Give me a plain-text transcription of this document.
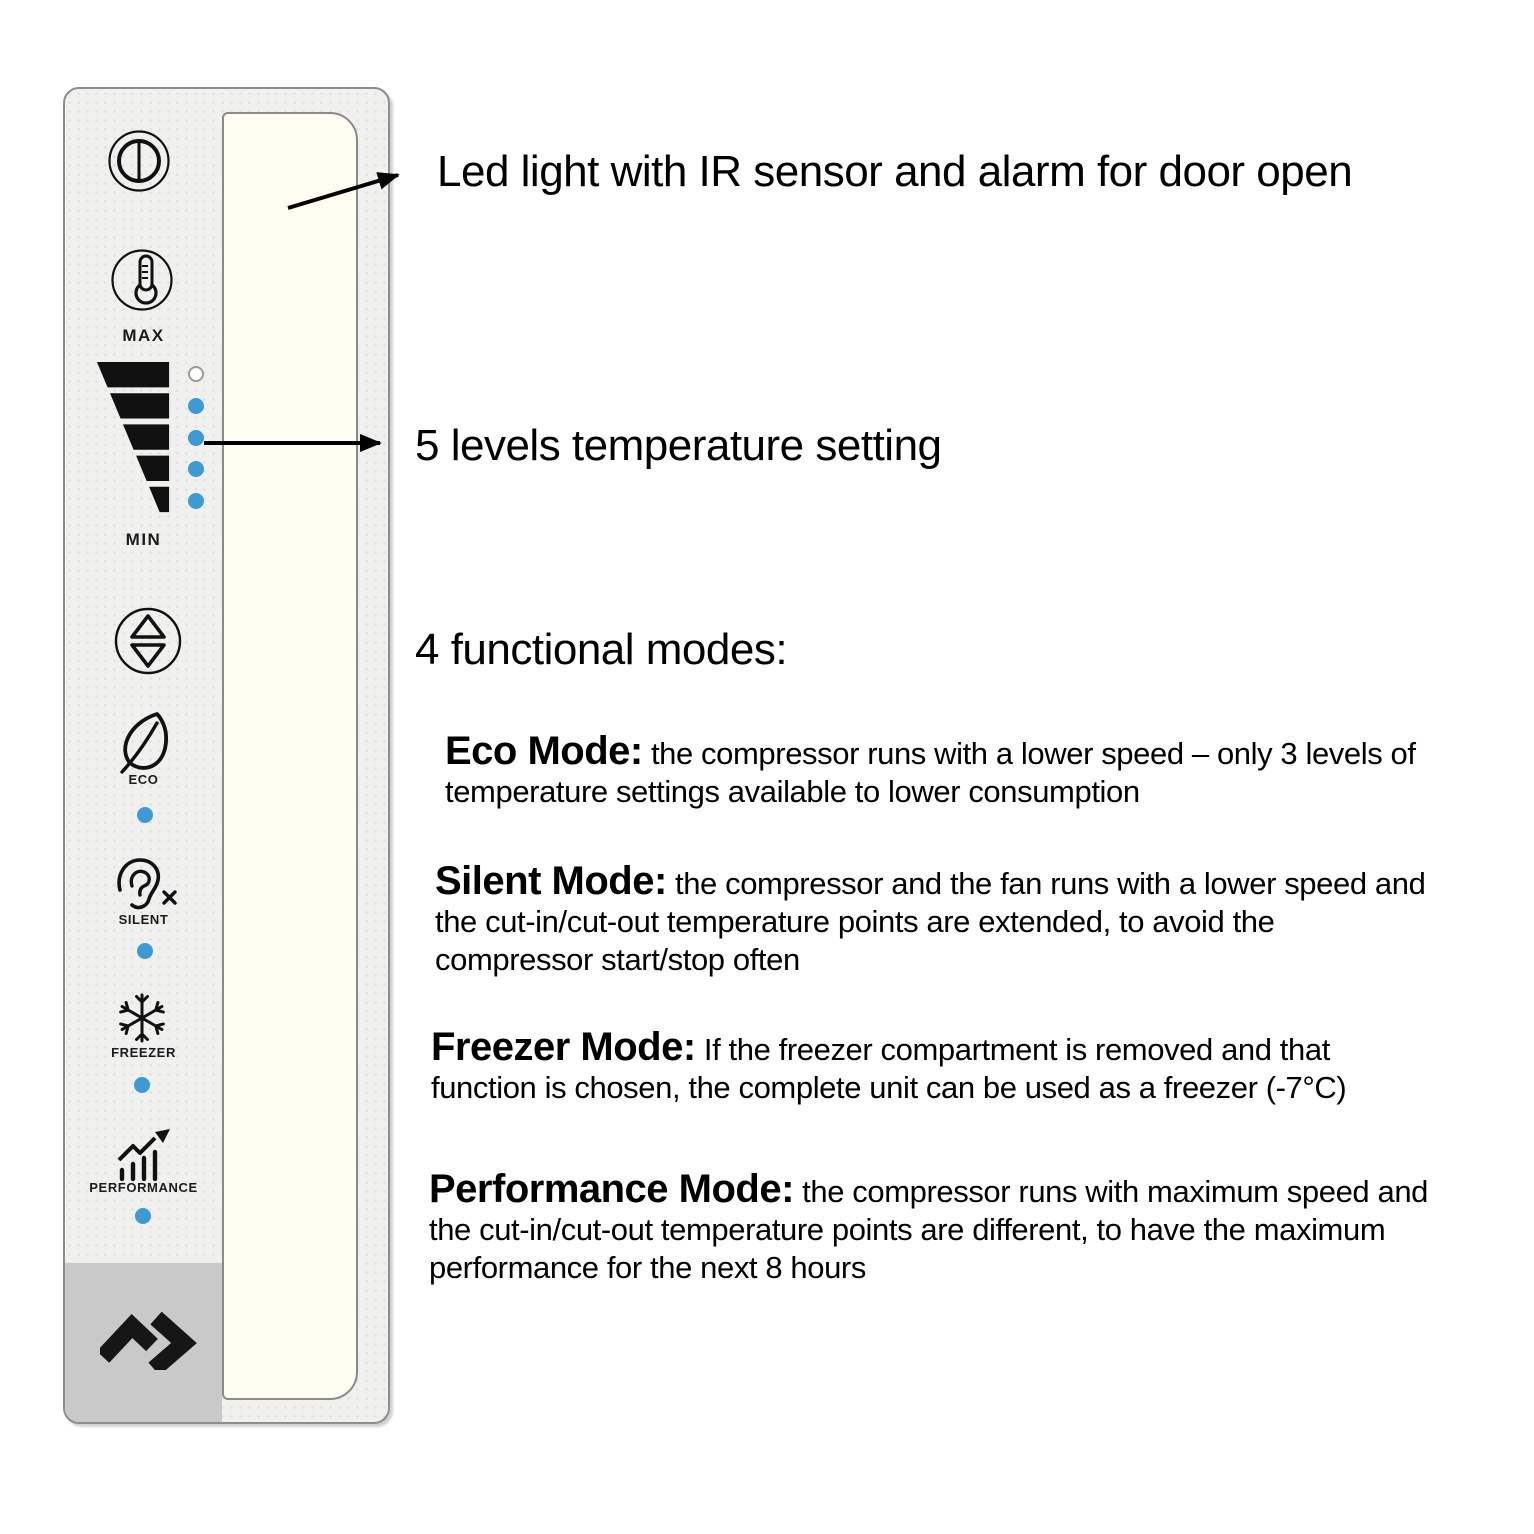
MAX
MIN
ECO
SILENT
FREEZER
PERFORMANCE
Led light with IR sensor and alarm for door open
5 levels temperature setting
4 functional modes:
Eco Mode: the compressor runs with a lower speed – only 3 levels of temperature settings available to lower consumption
Silent Mode: the compressor and the fan runs with a lower speed and the cut-in/cut-out temperature points are extended, to avoid the compressor start/stop often
Freezer Mode: If the freezer compartment is removed and that function is chosen, the complete unit can be used as a freezer (-7°C)
Performance Mode: the compressor runs with maximum speed and the cut-in/cut-out temperature points are different, to have the maximum performance for the next 8 hours
